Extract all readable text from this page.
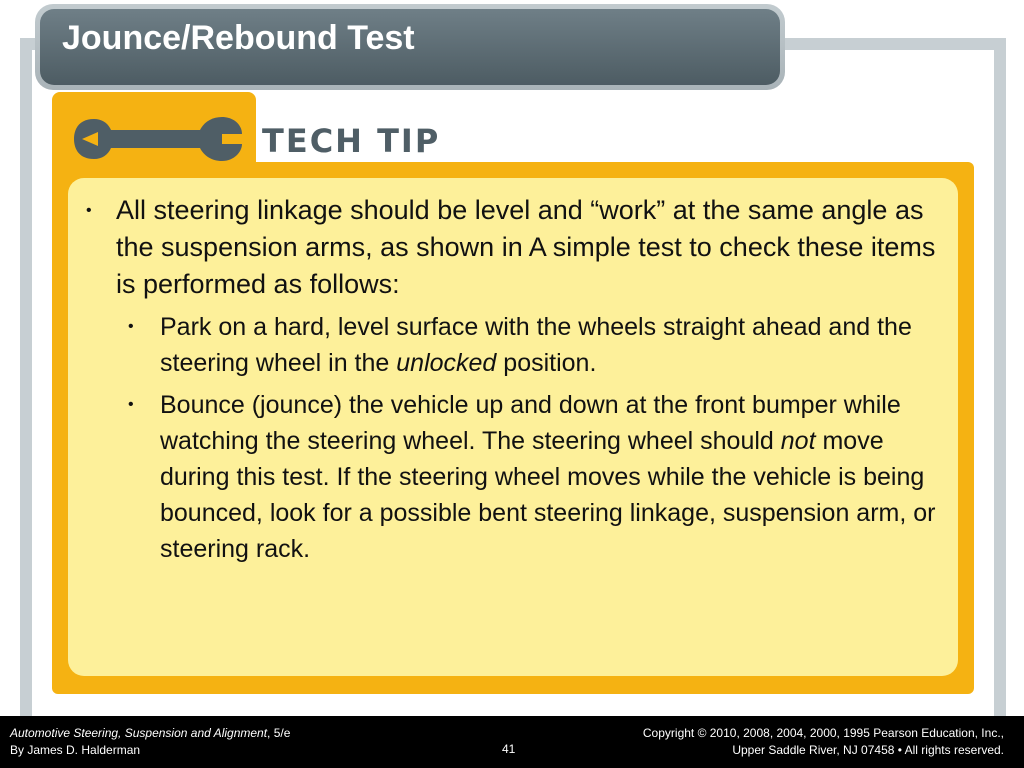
Jounce/Rebound Test
TECH TIP
• All steering linkage should be level and “work” at the same angle as the suspension arms, as shown in A simple test to check these items is performed as follows:
• Park on a hard, level surface with the wheels straight ahead and the steering wheel in the unlocked position.
• Bounce (jounce) the vehicle up and down at the front bumper while watching the steering wheel. The steering wheel should not move during this test. If the steering wheel moves while the vehicle is being bounced, look for a possible bent steering linkage, suspension arm, or steering rack.
Automotive Steering, Suspension and Alignment, 5/e
By James D. Halderman	41
Copyright © 2010, 2008, 2004, 2000, 1995 Pearson Education, Inc.,
Upper Saddle River, NJ 07458 • All rights reserved.
